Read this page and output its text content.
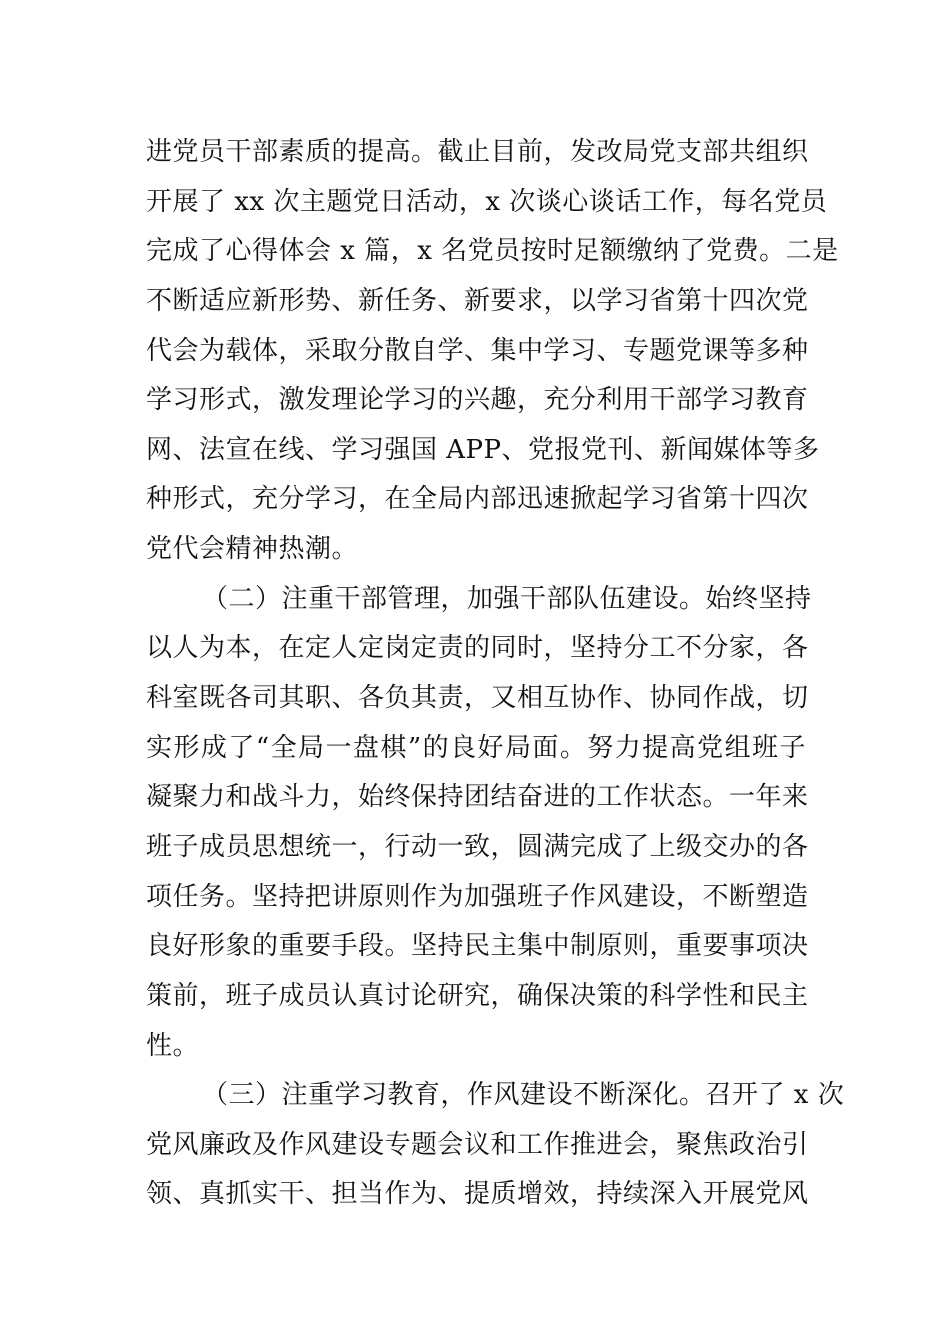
进党员干部素质的提高。截止目前，发改局党支部共组织
开展了 xx 次主题党日活动，x 次谈心谈话工作，每名党员
完成了心得体会 x 篇，x 名党员按时足额缴纳了党费。二是
不断适应新形势、新任务、新要求，以学习省第十四次党
代会为载体，采取分散自学、集中学习、专题党课等多种
学习形式，激发理论学习的兴趣，充分利用干部学习教育
网、法宣在线、学习强国 APP、党报党刊、新闻媒体等多
种形式，充分学习，在全局内部迅速掀起学习省第十四次
党代会精神热潮。
（二）注重干部管理，加强干部队伍建设。始终坚持
以人为本，在定人定岗定责的同时，坚持分工不分家，各
科室既各司其职、各负其责，又相互协作、协同作战，切
实形成了“全局一盘棋”的良好局面。努力提高党组班子
凝聚力和战斗力，始终保持团结奋进的工作状态。一年来
班子成员思想统一，行动一致，圆满完成了上级交办的各
项任务。坚持把讲原则作为加强班子作风建设，不断塑造
良好形象的重要手段。坚持民主集中制原则，重要事项决
策前，班子成员认真讨论研究，确保决策的科学性和民主
性。
（三）注重学习教育，作风建设不断深化。召开了 x 次
党风廉政及作风建设专题会议和工作推进会，聚焦政治引
领、真抓实干、担当作为、提质增效，持续深入开展党风
